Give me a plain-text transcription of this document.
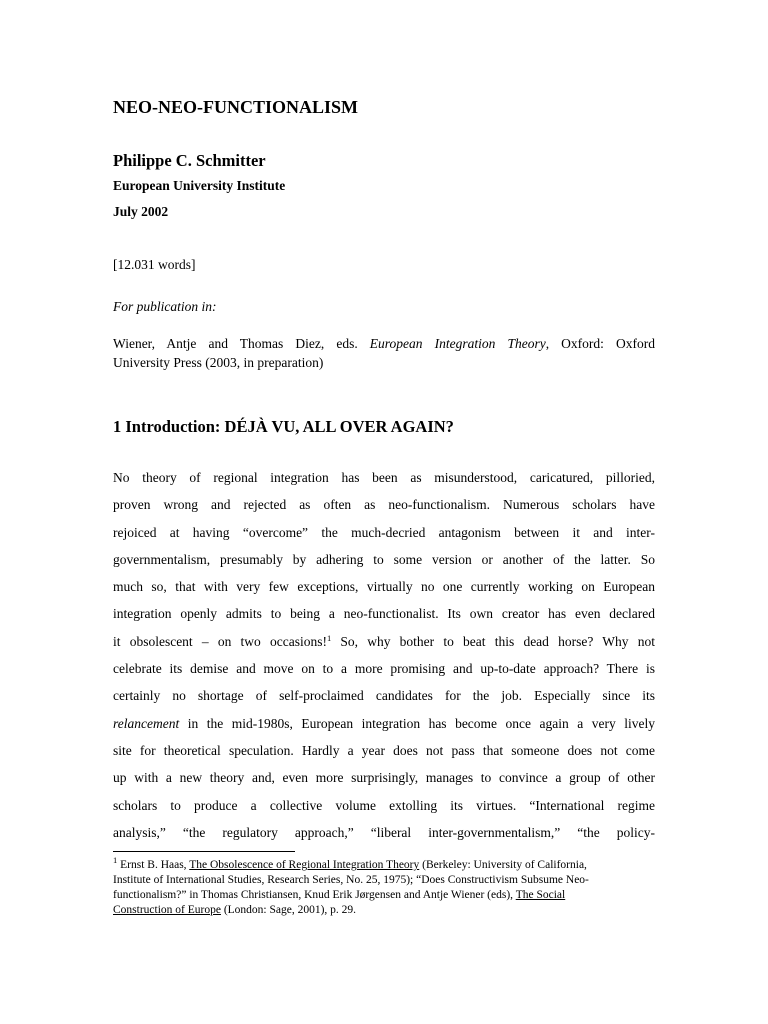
NEO-NEO-FUNCTIONALISM
Philippe C. Schmitter
European University Institute
July 2002
[12.031 words]
For publication in:
Wiener, Antje and Thomas Diez, eds. European Integration Theory, Oxford: Oxford
University Press (2003, in preparation)
1 Introduction: DÉJÀ VU, ALL OVER AGAIN?
No theory of regional integration has been as misunderstood, caricatured, pilloried,
proven wrong and rejected as often as neo-functionalism. Numerous scholars have
rejoiced at having “overcome” the much-decried antagonism between it and inter-
governmentalism, presumably by adhering to some version or another of the latter. So
much so, that with very few exceptions, virtually no one currently working on European
integration openly admits to being a neo-functionalist. Its own creator has even declared
it obsolescent – on two occasions!$^1$ So, why bother to beat this dead horse? Why not
celebrate its demise and move on to a more promising and up-to-date approach? There is
certainly no shortage of self-proclaimed candidates for the job. Especially since its
relancement in the mid-1980s, European integration has become once again a very lively
site for theoretical speculation. Hardly a year does not pass that someone does not come
up with a new theory and, even more surprisingly, manages to convince a group of other
scholars to produce a collective volume extolling its virtues. “International regime
analysis,” “the regulatory approach,” “liberal inter-governmentalism,” “the policy-
$^1$ Ernst B. Haas, The Obsolescence of Regional Integration Theory (Berkeley: University of California,
Institute of International Studies, Research Series, No. 25, 1975); “Does Constructivism Subsume Neo-
functionalism?” in Thomas Christiansen, Knud Erik Jørgensen and Antje Wiener (eds), The Social
Construction of Europe (London: Sage, 2001), p. 29.
